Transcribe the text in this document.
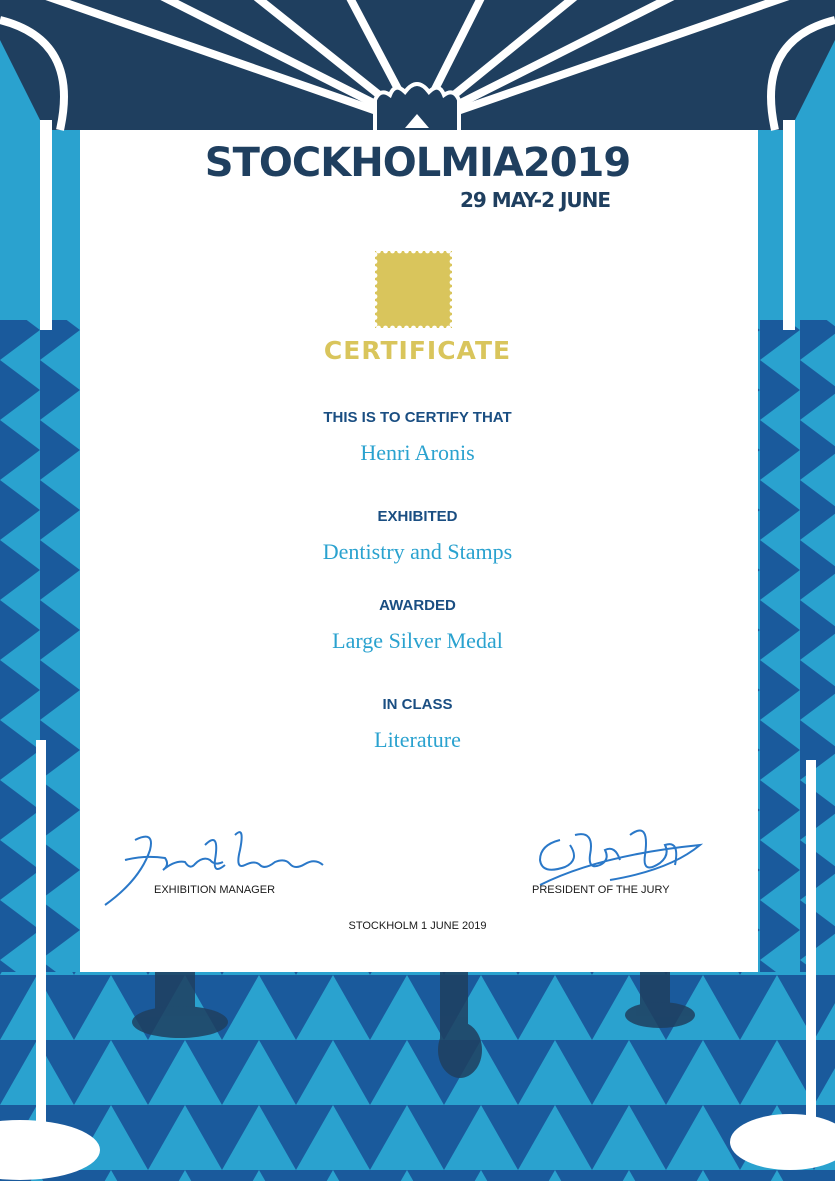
STOCKHOLMIA2019
29 MAY-2 JUNE
CERTIFICATE
THIS IS TO CERTIFY THAT
Henri Aronis
EXHIBITED
Dentistry and Stamps
AWARDED
Large Silver Medal
IN CLASS
Literature
EXHIBITION MANAGER	PRESIDENT OF THE JURY
STOCKHOLM 1 JUNE 2019
